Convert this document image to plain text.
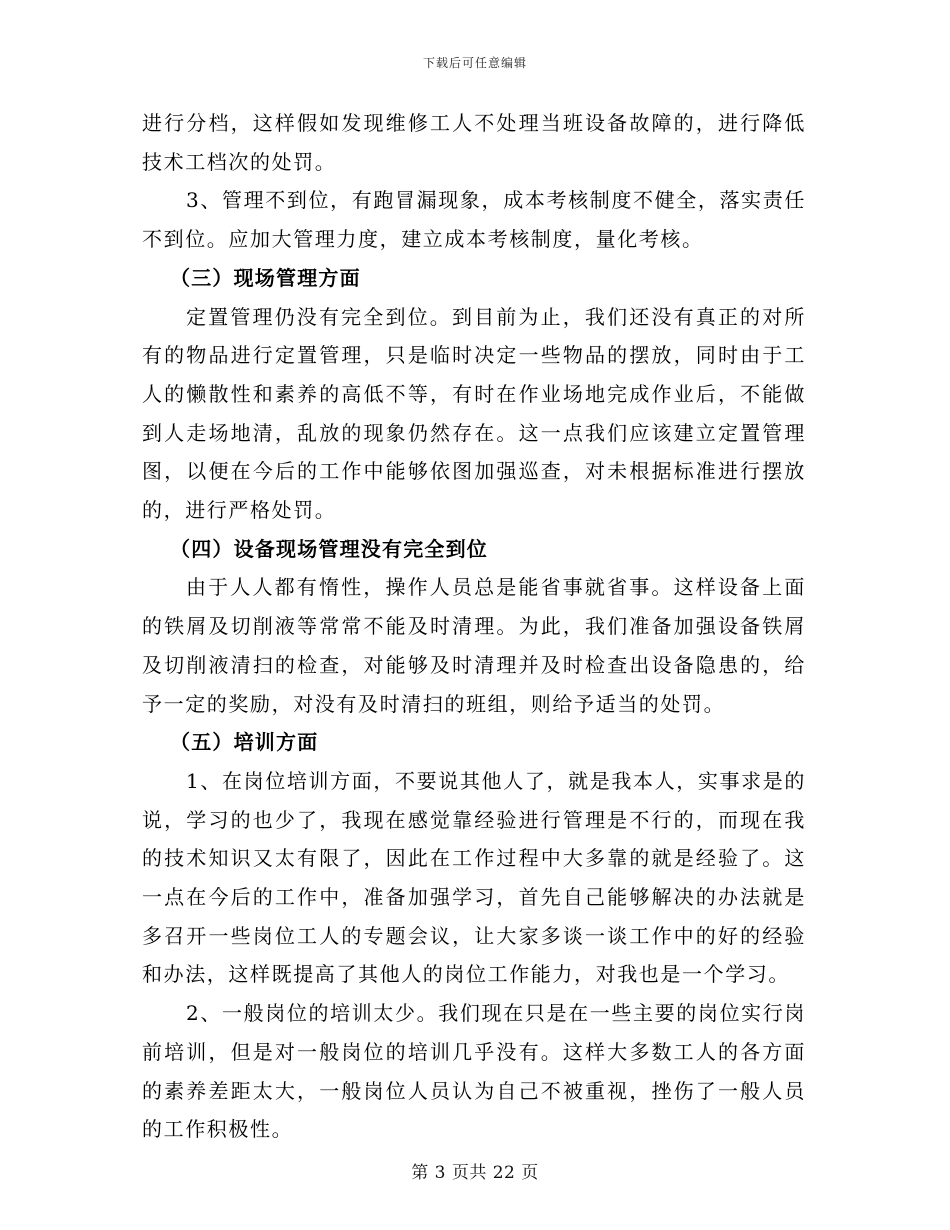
下载后可任意编辑

进行分档，这样假如发现维修工人不处理当班设备故障的，进行降低技术工档次的处罚。

3、管理不到位，有跑冒漏现象，成本考核制度不健全，落实责任不到位。应加大管理力度，建立成本考核制度，量化考核。

（三）现场管理方面

定置管理仍没有完全到位。到目前为止，我们还没有真正的对所有的物品进行定置管理，只是临时决定一些物品的摆放，同时由于工人的懒散性和素养的高低不等，有时在作业场地完成作业后，不能做到人走场地清，乱放的现象仍然存在。这一点我们应该建立定置管理图，以便在今后的工作中能够依图加强巡查，对未根据标准进行摆放的，进行严格处罚。

（四）设备现场管理没有完全到位

由于人人都有惰性，操作人员总是能省事就省事。这样设备上面的铁屑及切削液等常常不能及时清理。为此，我们准备加强设备铁屑及切削液清扫的检查，对能够及时清理并及时检查出设备隐患的，给予一定的奖励，对没有及时清扫的班组，则给予适当的处罚。

（五）培训方面

1、在岗位培训方面，不要说其他人了，就是我本人，实事求是的说，学习的也少了，我现在感觉靠经验进行管理是不行的，而现在我的技术知识又太有限了，因此在工作过程中大多靠的就是经验了。这一点在今后的工作中，准备加强学习，首先自己能够解决的办法就是多召开一些岗位工人的专题会议，让大家多谈一谈工作中的好的经验和办法，这样既提高了其他人的岗位工作能力，对我也是一个学习。

2、一般岗位的培训太少。我们现在只是在一些主要的岗位实行岗前培训，但是对一般岗位的培训几乎没有。这样大多数工人的各方面的素养差距太大，一般岗位人员认为自己不被重视，挫伤了一般人员的工作积极性。

第 3 页共 22 页
